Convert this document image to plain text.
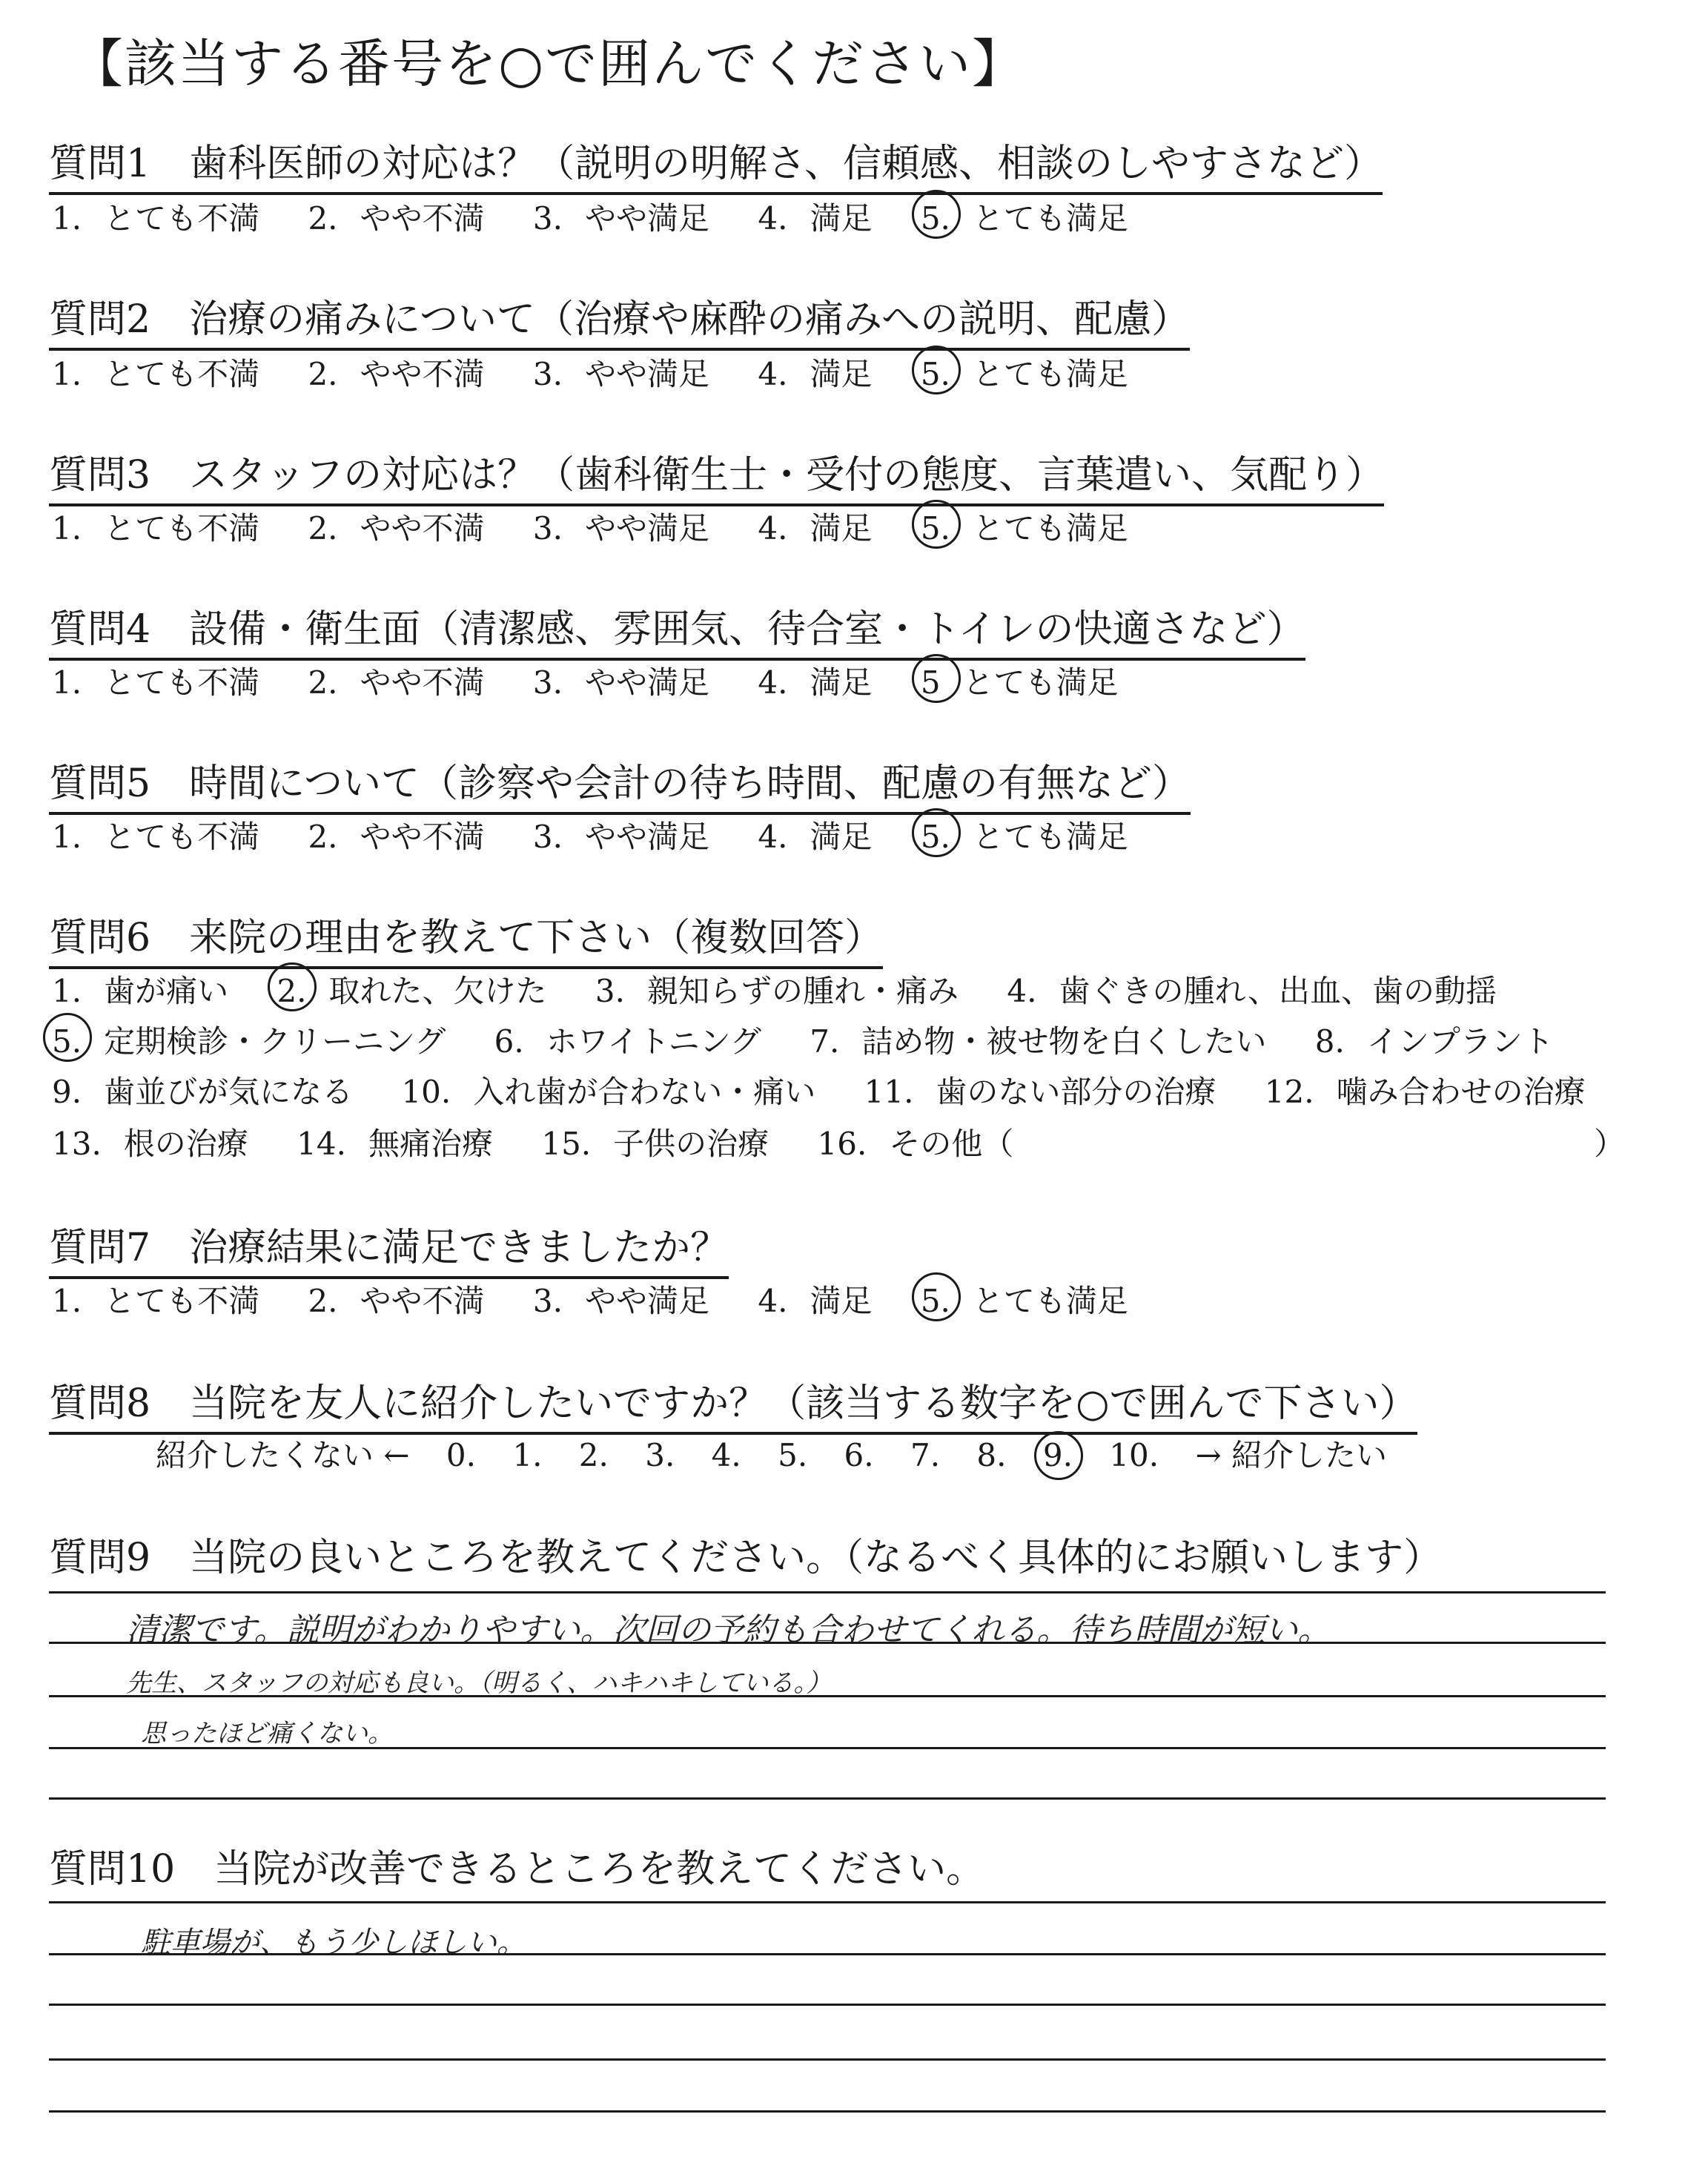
【該当する番号を○で囲んでください】
質問1 歯科医師の対応は？（説明の明解さ、信頼感、相談のしやすさなど）
1. とても不満 2. やや不満 3. やや満足 4. 満足 5. とても満足
質問2 治療の痛みについて（治療や麻酔の痛みへの説明、配慮）
1. とても不満 2. やや不満 3. やや満足 4. 満足 5. とても満足
質問3 スタッフの対応は？（歯科衛生士・受付の態度、言葉遣い、気配り）
1. とても不満 2. やや不満 3. やや満足 4. 満足 5. とても満足
質問4 設備・衛生面（清潔感、雰囲気、待合室・トイレの快適さなど）
1. とても不満 2. やや不満 3. やや満足 4. 満足 5 とても満足
質問5 時間について（診察や会計の待ち時間、配慮の有無など）
1. とても不満 2. やや不満 3. やや満足 4. 満足 5. とても満足
質問6 来院の理由を教えて下さい（複数回答）
1. 歯が痛い 2. 取れた、欠けた 3. 親知らずの腫れ・痛み 4. 歯ぐきの腫れ、出血、歯の動揺
5. 定期検診・クリーニング 6. ホワイトニング 7. 詰め物・被せ物を白くしたい 8. インプラント
9. 歯並びが気になる 10. 入れ歯が合わない・痛い 11. 歯のない部分の治療 12. 噛み合わせの治療
13. 根の治療 14. 無痛治療 15. 子供の治療 16. その他（	）
質問7 治療結果に満足できましたか？
1. とても不満 2. やや不満 3. やや満足 4. 満足 5. とても満足
質問8 当院を友人に紹介したいですか？（該当する数字を○で囲んで下さい）
紹介したくない ← 0. 1. 2. 3. 4. 5. 6. 7. 8. 9. 10. → 紹介したい
質問9 当院の良いところを教えてください。（なるべく具体的にお願いします）
清潔です。説明がわかりやすい。次回の予約も合わせてくれる。待ち時間が短い。
先生、スタッフの対応も良い。（明るく、ハキハキしている。）
思ったほど痛くない。
質問10 当院が改善できるところを教えてください。
駐車場が、もう少しほしい。
